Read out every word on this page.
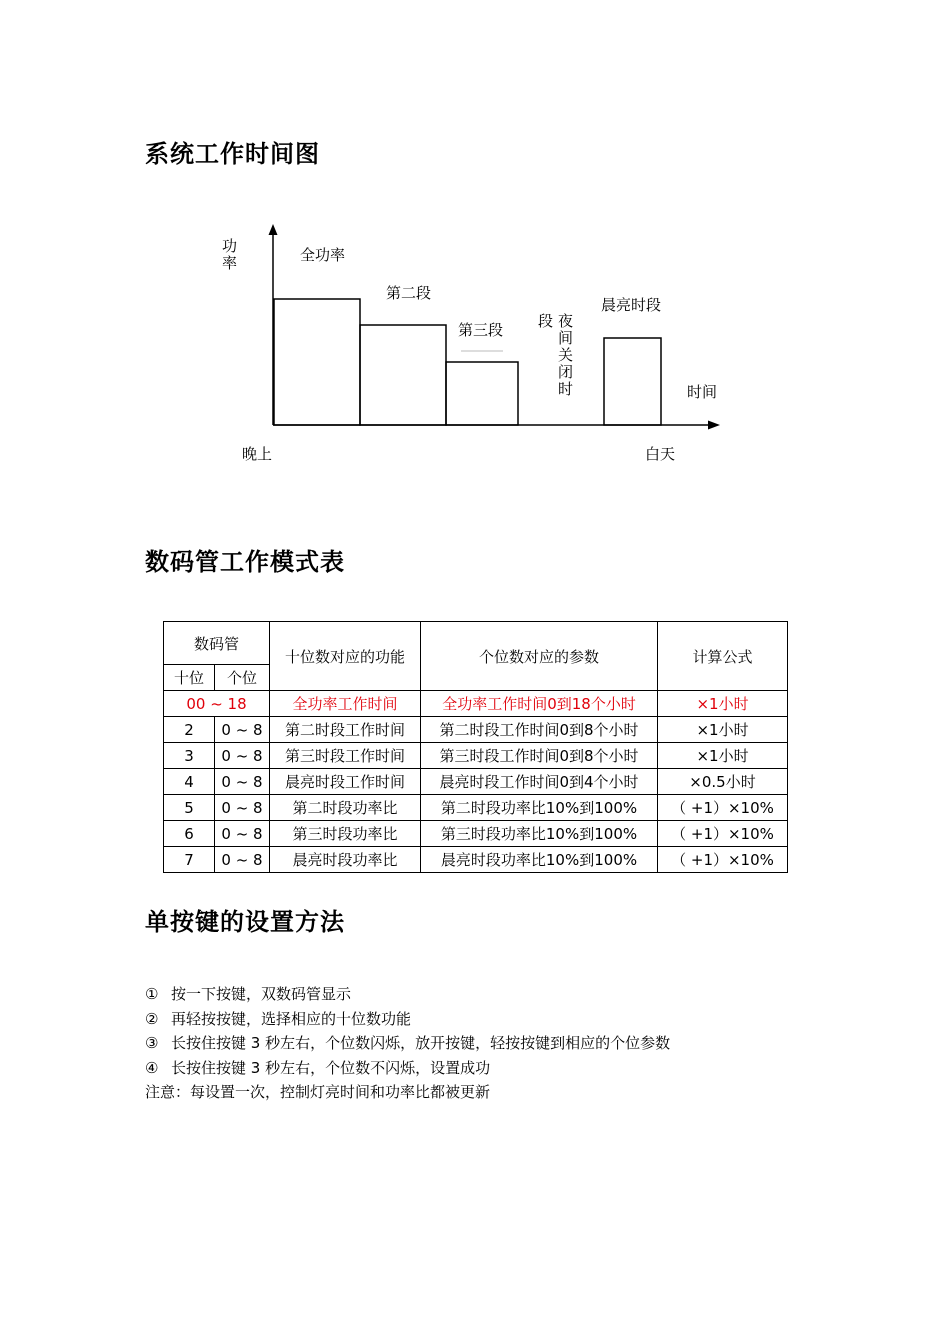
系统工作时间图
功
率	全功率
第二段
第三段 段 夜
间
关
闭
时
晨亮时段
时间
晚上	白天
数码管工作模式表
数码管		十位数对应的功能	个位数对应的参数	计算公式
十位	个位			
00 ~ 18		全功率工作时间	全功率工作时间0到18个小时	×1小时
2	0 ~ 8	第二时段工作时间	第二时段工作时间0到8个小时	×1小时
3	0 ~ 8	第三时段工作时间	第三时段工作时间0到8个小时	×1小时
4	0 ~ 8	晨亮时段工作时间	晨亮时段工作时间0到4个小时	×0.5小时
5	0 ~ 8	第二时段功率比	第二时段功率比10%到100%	（ +1）×10%
6	0 ~ 8	第三时段功率比	第三时段功率比10%到100%	（ +1）×10%
7	0 ~ 8	晨亮时段功率比	晨亮时段功率比10%到100%	（ +1）×10%
单按键的设置方法
① 按一下按键，双数码管显示
② 再轻按按键，选择相应的十位数功能
③ 长按住按键 3 秒左右，个位数闪烁，放开按键，轻按按键到相应的个位参数
④ 长按住按键 3 秒左右，个位数不闪烁，设置成功
注意：每设置一次，控制灯亮时间和功率比都被更新
